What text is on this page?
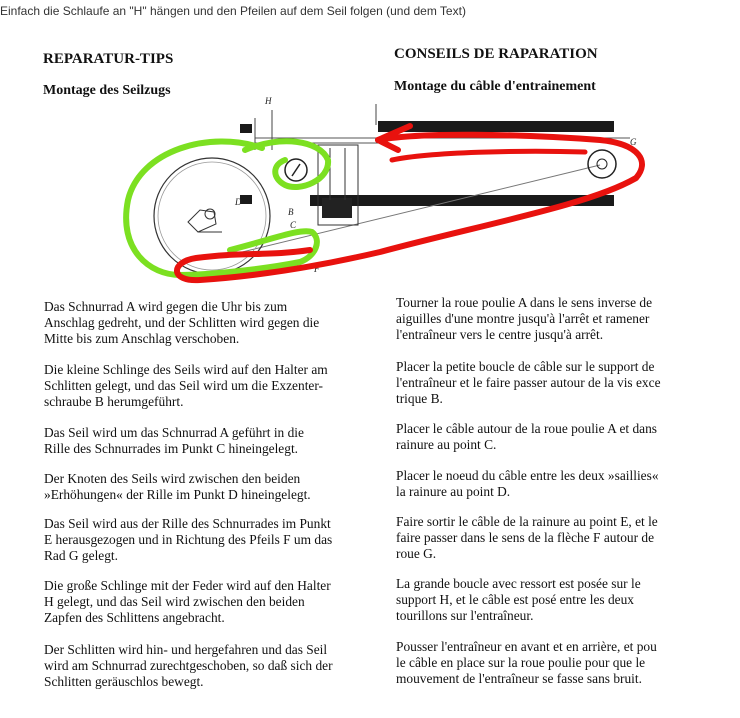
Einfach die Schlaufe an "H" hängen und den Pfeilen auf dem Seil folgen (und dem Text)
H
D
B
C
F
G
REPARATUR-TIPS
Montage des Seilzugs
CONSEILS DE RAPARATION
Montage du câble d'entrainement
Das Schnurrad A wird gegen die Uhr bis zum
Anschlag gedreht, und der Schlitten wird gegen die
Mitte bis zum Anschlag verschoben.
Die kleine Schlinge des Seils wird auf den Halter am
Schlitten gelegt, und das Seil wird um die Exzenter-
schraube B herumgeführt.
Das Seil wird um das Schnurrad A geführt in die
Rille des Schnurrades im Punkt C hineingelegt.
Der Knoten des Seils wird zwischen den beiden
»Erhöhungen« der Rille im Punkt D hineingelegt.
Das Seil wird aus der Rille des Schnurrades im Punkt
E herausgezogen und in Richtung des Pfeils F um das
Rad G gelegt.
Die große Schlinge mit der Feder wird auf den Halter
H gelegt, und das Seil wird zwischen den beiden
Zapfen des Schlittens angebracht.
Der Schlitten wird hin- und hergefahren und das Seil
wird am Schnurrad zurechtgeschoben, so daß sich der
Schlitten geräuschlos bewegt.
Tourner la roue poulie A dans le sens inverse de
aiguilles d'une montre jusqu'à l'arrêt et ramener
l'entraîneur vers le centre jusqu'à arrêt.
Placer la petite boucle de câble sur le support de
l'entraîneur et le faire passer autour de la vis exce
trique B.
Placer le câble autour de la roue poulie A et dans
rainure au point C.
Placer le noeud du câble entre les deux »saillies«
la rainure au point D.
Faire sortir le câble de la rainure au point E, et le
faire passer dans le sens de la flèche F autour de
roue G.
La grande boucle avec ressort est posée sur le
support H, et le câble est posé entre les deux
tourillons sur l'entraîneur.
Pousser l'entraîneur en avant et en arrière, et pou
le câble en place sur la roue poulie pour que le
mouvement de l'entraîneur se fasse sans bruit.
